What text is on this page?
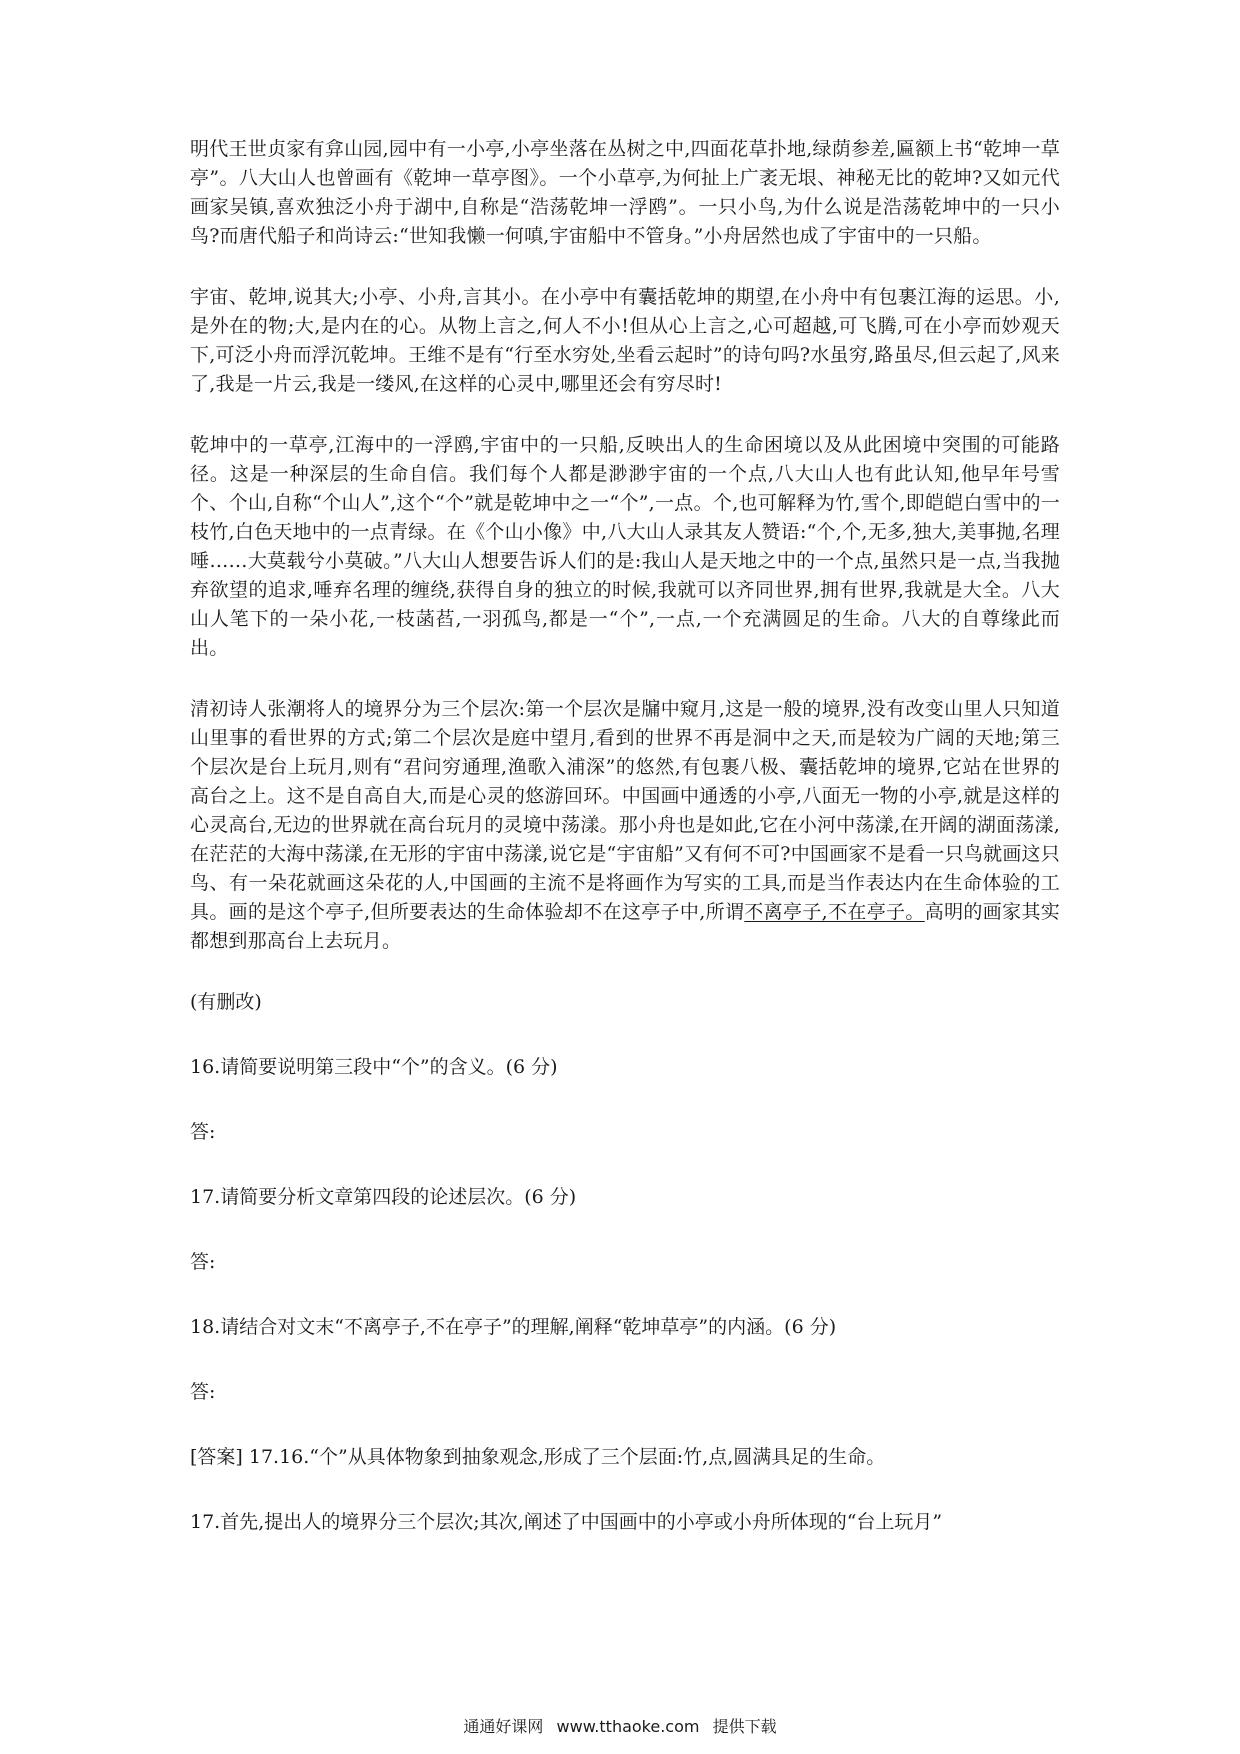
明代王世贞家有弇山园,园中有一小亭,小亭坐落在丛树之中,四面花草扑地,绿荫参差,匾额上书“乾坤一草亭”。八大山人也曾画有《乾坤一草亭图》。一个小草亭,为何扯上广袤无垠、神秘无比的乾坤?又如元代画家吴镇,喜欢独泛小舟于湖中,自称是“浩荡乾坤一浮鸥”。一只小鸟,为什么说是浩荡乾坤中的一只小鸟?而唐代船子和尚诗云:“世知我懒一何嗔,宇宙船中不管身。”小舟居然也成了宇宙中的一只船。

宇宙、乾坤,说其大;小亭、小舟,言其小。在小亭中有囊括乾坤的期望,在小舟中有包裹江海的运思。小,是外在的物;大,是内在的心。从物上言之,何人不小!但从心上言之,心可超越,可飞腾,可在小亭而妙观天下,可泛小舟而浮沉乾坤。王维不是有“行至水穷处,坐看云起时”的诗句吗?水虽穷,路虽尽,但云起了,风来了,我是一片云,我是一缕风,在这样的心灵中,哪里还会有穷尽时!

乾坤中的一草亭,江海中的一浮鸥,宇宙中的一只船,反映出人的生命困境以及从此困境中突围的可能路径。这是一种深层的生命自信。我们每个人都是渺渺宇宙的一个点,八大山人也有此认知,他早年号雪个、个山,自称“个山人”,这个“个”就是乾坤中之一“个”,一点。个,也可解释为竹,雪个,即皑皑白雪中的一枝竹,白色天地中的一点青绿。在《个山小像》中,八大山人录其友人赞语:“个,个,无多,独大,美事抛,名理唾……大莫载兮小莫破。”八大山人想要告诉人们的是:我山人是天地之中的一个点,虽然只是一点,当我抛弃欲望的追求,唾弃名理的缠绕,获得自身的独立的时候,我就可以齐同世界,拥有世界,我就是大全。八大山人笔下的一朵小花,一枝菡萏,一羽孤鸟,都是一“个”,一点,一个充满圆足的生命。八大的自尊缘此而出。

清初诗人张潮将人的境界分为三个层次:第一个层次是牖中窥月,这是一般的境界,没有改变山里人只知道山里事的看世界的方式;第二个层次是庭中望月,看到的世界不再是洞中之天,而是较为广阔的天地;第三个层次是台上玩月,则有“君问穷通理,渔歌入浦深”的悠然,有包裹八极、囊括乾坤的境界,它站在世界的高台之上。这不是自高自大,而是心灵的悠游回环。中国画中通透的小亭,八面无一物的小亭,就是这样的心灵高台,无边的世界就在高台玩月的灵境中荡漾。那小舟也是如此,它在小河中荡漾,在开阔的湖面荡漾,在茫茫的大海中荡漾,在无形的宇宙中荡漾,说它是“宇宙船”又有何不可?中国画家不是看一只鸟就画这只鸟、有一朵花就画这朵花的人,中国画的主流不是将画作为写实的工具,而是当作表达内在生命体验的工具。画的是这个亭子,但所要表达的生命体验却不在这亭子中,所谓不离亭子,不在亭子。高明的画家其实都想到那高台上去玩月。

(有删改)

16.请简要说明第三段中“个”的含义。(6 分)

答:

17.请简要分析文章第四段的论述层次。(6 分)

答:

18.请结合对文末“不离亭子,不在亭子”的理解,阐释“乾坤草亭”的内涵。(6 分)

答:

[答案] 17.16.“个”从具体物象到抽象观念,形成了三个层面:竹,点,圆满具足的生命。

17.首先,提出人的境界分三个层次;其次,阐述了中国画中的小亭或小舟所体现的“台上玩月”

通通好课网 www.tthaoke.com 提供下载
